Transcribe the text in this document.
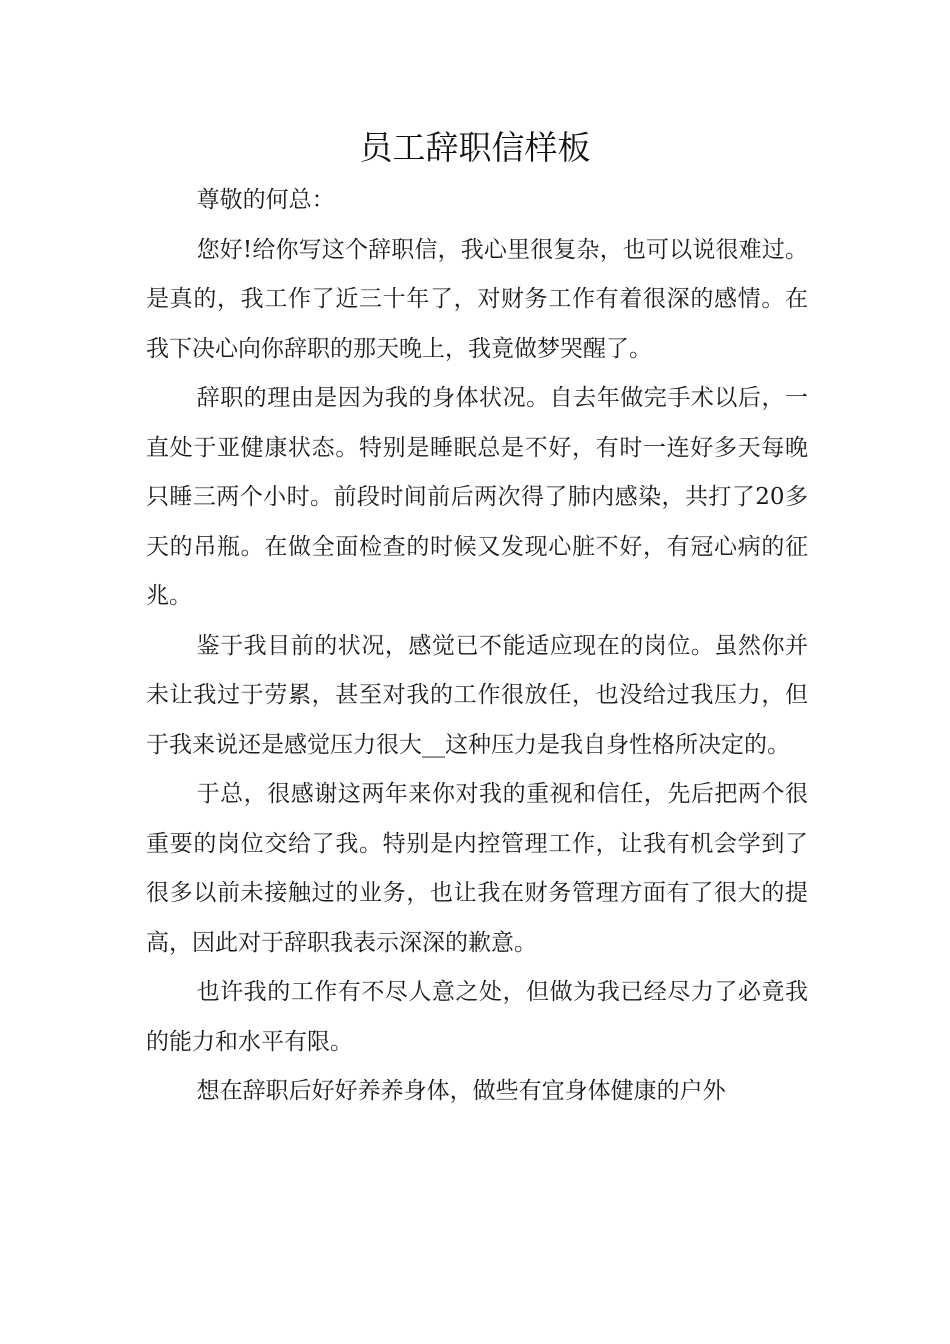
员工辞职信样板

尊敬的何总：

您好!给你写这个辞职信，我心里很复杂，也可以说很难过。是真的，我工作了近三十年了，对财务工作有着很深的感情。在我下决心向你辞职的那天晚上，我竟做梦哭醒了。

辞职的理由是因为我的身体状况。自去年做完手术以后，一直处于亚健康状态。特别是睡眠总是不好，有时一连好多天每晚只睡三两个小时。前段时间前后两次得了肺内感染，共打了20多天的吊瓶。在做全面检查的时候又发现心脏不好，有冠心病的征兆。

鉴于我目前的状况，感觉已不能适应现在的岗位。虽然你并未让我过于劳累，甚至对我的工作很放任，也没给过我压力，但于我来说还是感觉压力很大__这种压力是我自身性格所决定的。

于总，很感谢这两年来你对我的重视和信任，先后把两个很重要的岗位交给了我。特别是内控管理工作，让我有机会学到了很多以前未接触过的业务，也让我在财务管理方面有了很大的提高，因此对于辞职我表示深深的歉意。

也许我的工作有不尽人意之处，但做为我已经尽力了必竟我的能力和水平有限。

想在辞职后好好养养身体，做些有宜身体健康的户外
